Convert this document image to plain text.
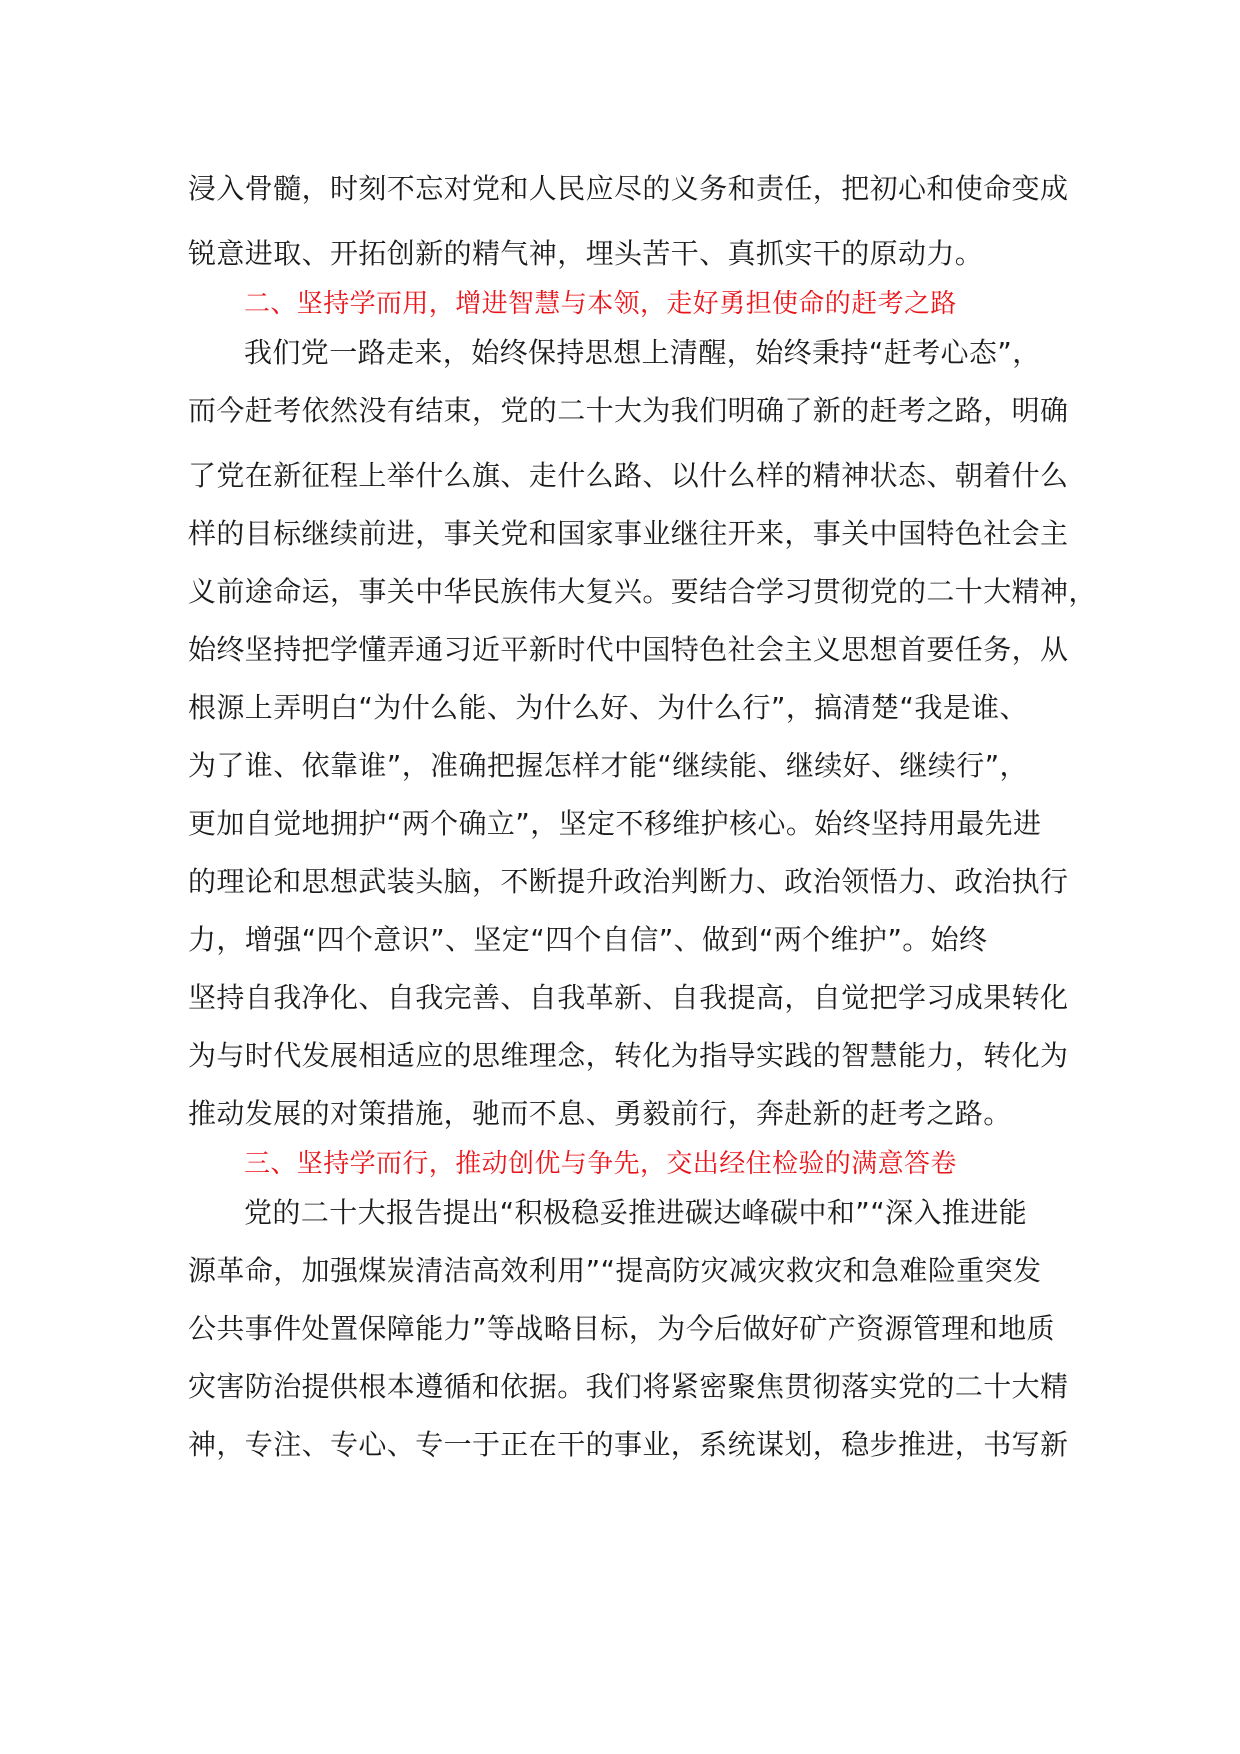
浸入骨髓，时刻不忘对党和人民应尽的义务和责任，把初心和使命变成
锐意进取、开拓创新的精气神，埋头苦干、真抓实干的原动力。
二、坚持学而用，增进智慧与本领，走好勇担使命的赶考之路
我们党一路走来，始终保持思想上清醒，始终秉持“赶考心态”，
而今赶考依然没有结束，党的二十大为我们明确了新的赶考之路，明确
了党在新征程上举什么旗、走什么路、以什么样的精神状态、朝着什么
样的目标继续前进，事关党和国家事业继往开来，事关中国特色社会主
义前途命运，事关中华民族伟大复兴。要结合学习贯彻党的二十大精神，
始终坚持把学懂弄通习近平新时代中国特色社会主义思想首要任务，从
根源上弄明白“为什么能、为什么好、为什么行”，搞清楚“我是谁、
为了谁、依靠谁”，准确把握怎样才能“继续能、继续好、继续行”，
更加自觉地拥护“两个确立”，坚定不移维护核心。始终坚持用最先进
的理论和思想武装头脑，不断提升政治判断力、政治领悟力、政治执行
力，增强“四个意识”、坚定“四个自信”、做到“两个维护”。始终
坚持自我净化、自我完善、自我革新、自我提高，自觉把学习成果转化
为与时代发展相适应的思维理念，转化为指导实践的智慧能力，转化为
推动发展的对策措施，驰而不息、勇毅前行，奔赴新的赶考之路。
三、坚持学而行，推动创优与争先，交出经住检验的满意答卷
党的二十大报告提出“积极稳妥推进碳达峰碳中和”“深入推进能
源革命，加强煤炭清洁高效利用”“提高防灾减灾救灾和急难险重突发
公共事件处置保障能力”等战略目标，为今后做好矿产资源管理和地质
灾害防治提供根本遵循和依据。我们将紧密聚焦贯彻落实党的二十大精
神，专注、专心、专一于正在干的事业，系统谋划，稳步推进，书写新
